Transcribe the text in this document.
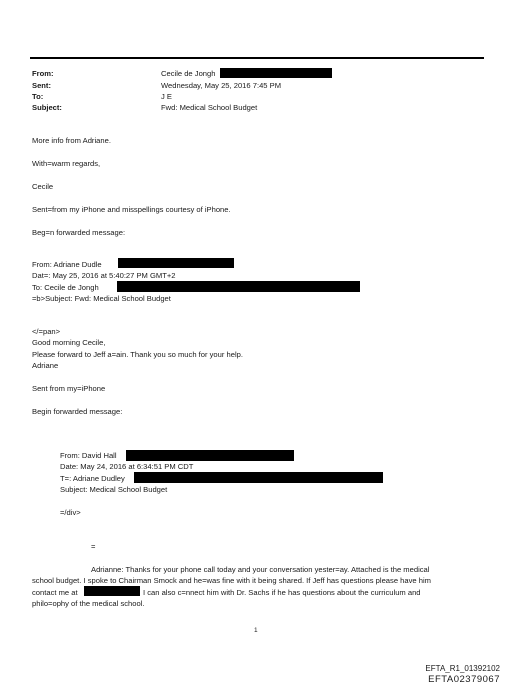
From:
Sent:
To:
Subject:
Cecile de Jongh
Wednesday, May 25, 2016 7:45 PM
J E
Fwd: Medical School Budget
More info from Adriane.
With=warm regards,
Cecile
Sent=from my iPhone and misspellings courtesy of iPhone.
Beg=n forwarded message:
From: Adriane Dudle
Dat=: May 25, 2016 at 5:40:27 PM GMT+2
To: Cecile de Jongh
=b>Subject: Fwd: Medical School Budget
</=pan>
Good morning Cecile,
Please forward to Jeff a=ain. Thank you so much for your help.
Adriane
Sent from my=iPhone
Begin forwarded message:
From: David Hall
Date: May 24, 2016 at 6:34:51 PM CDT
T=: Adriane Dudley
Subject: Medical School Budget
=/div>
=
Adrianne: Thanks for your phone call today and your conversation yester=ay. Attached is the medical
school budget. I spoke to Chairman Smock and he=was fine with it being shared. If Jeff has questions please have him
contact me at	I can also c=nnect him with Dr. Sachs if he has questions about the curriculum and
philo=ophy of the medical school.
1
EFTA_R1_01392102
EFTA02379067
